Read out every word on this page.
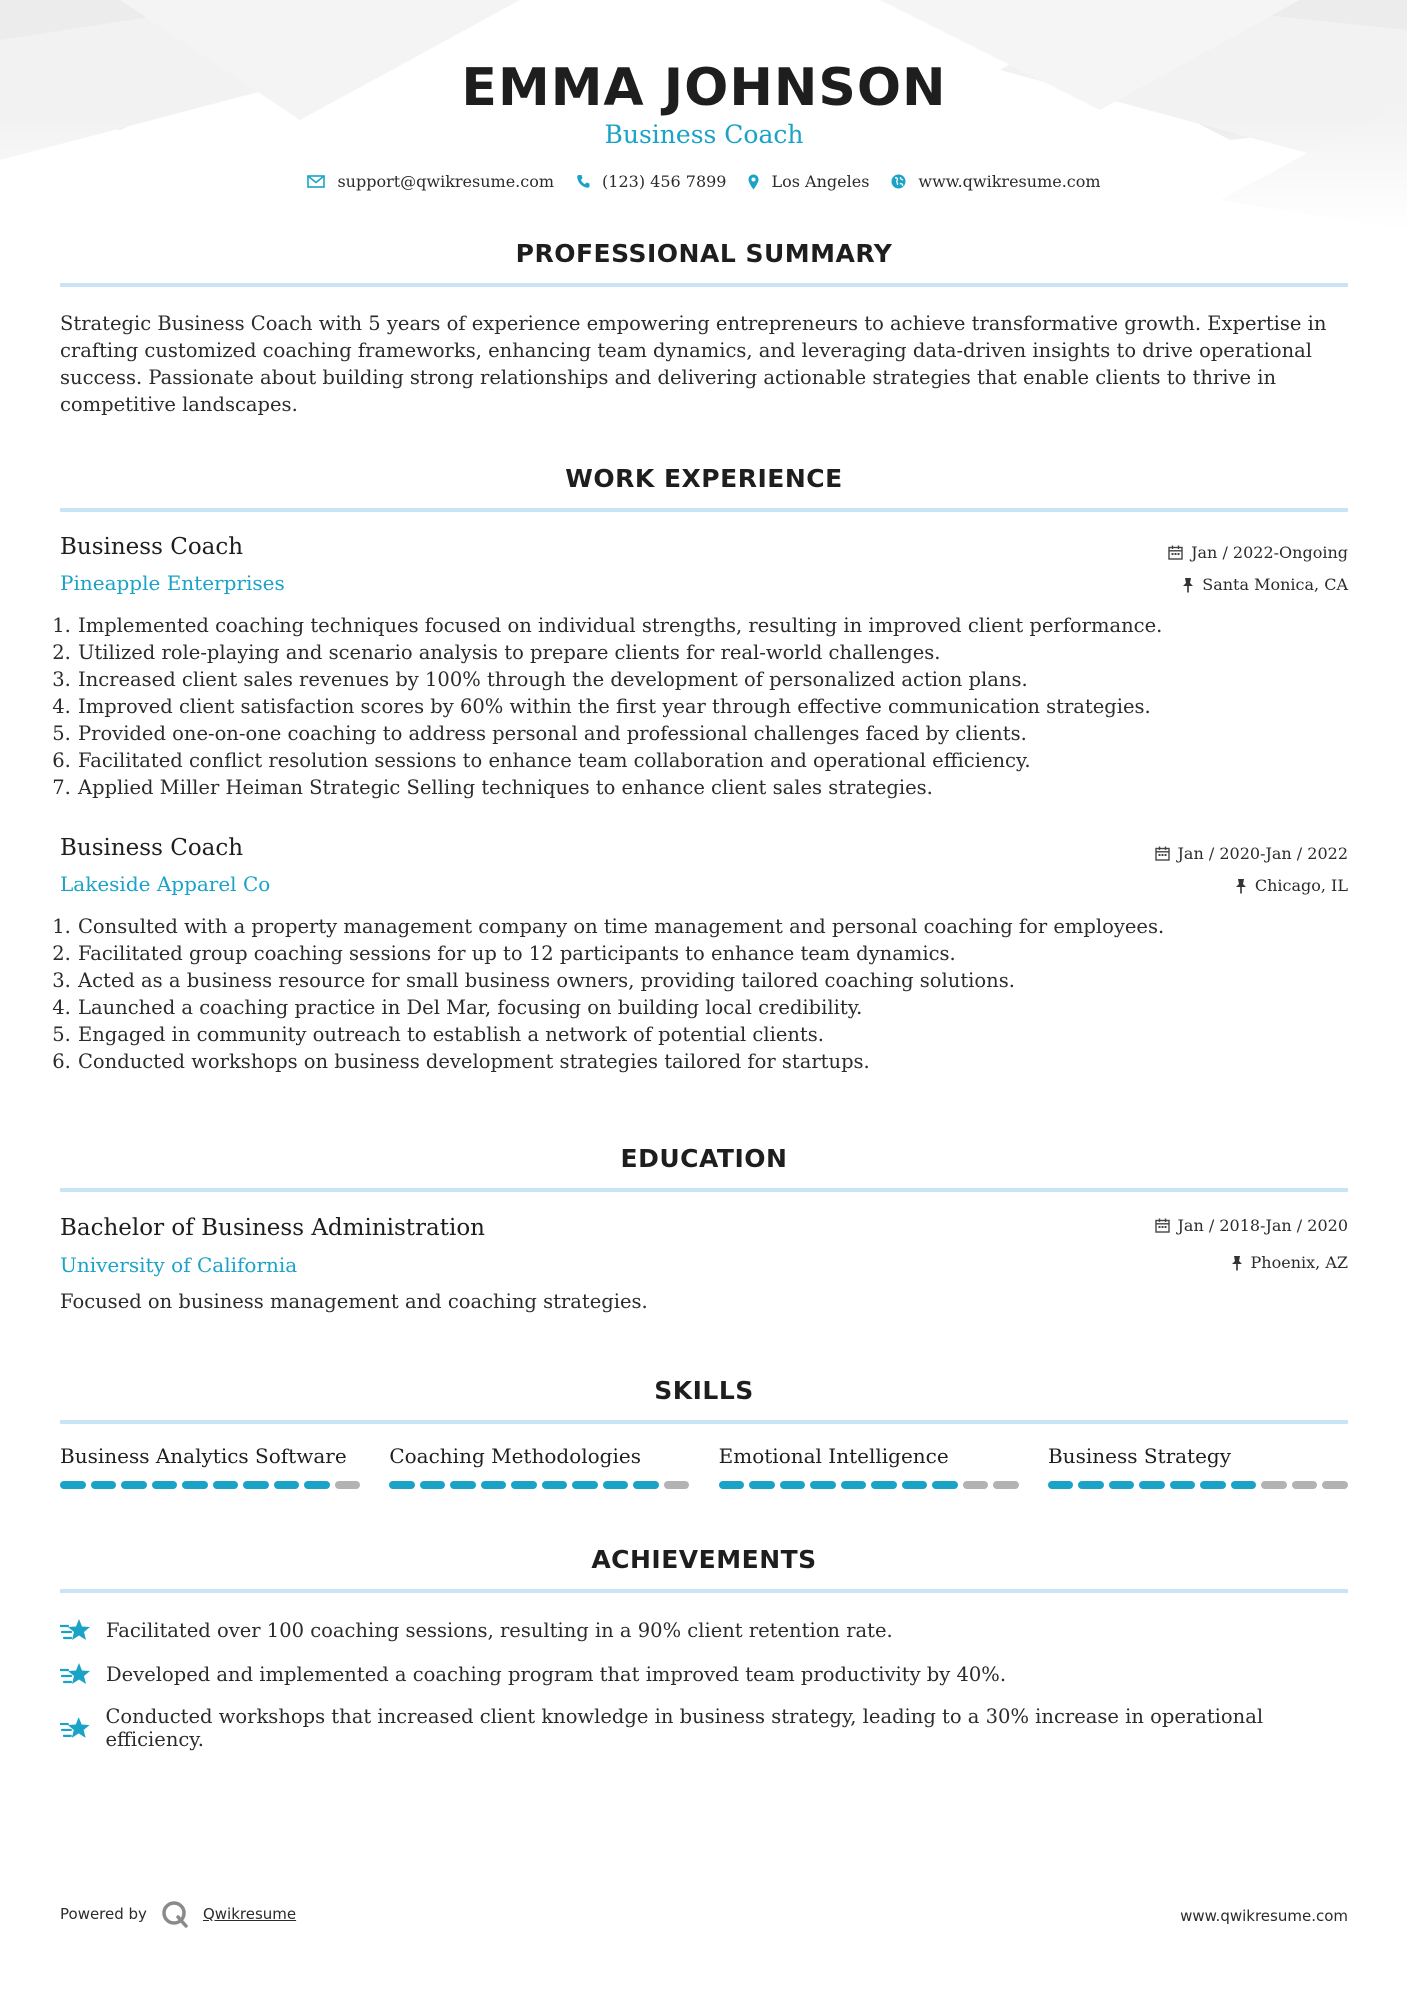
EMMA JOHNSON
Business Coach
support@qwikresume.com	(123) 456 7899	Los Angeles	www.qwikresume.com
PROFESSIONAL SUMMARY
Strategic Business Coach with 5 years of experience empowering entrepreneurs to achieve transformative growth. Expertise in crafting customized coaching frameworks, enhancing team dynamics, and leveraging data-driven insights to drive operational success. Passionate about building strong relationships and delivering actionable strategies that enable clients to thrive in competitive landscapes.
WORK EXPERIENCE
Business Coach
Pineapple Enterprises
Jan / 2022-Ongoing
Santa Monica, CA
1. Implemented coaching techniques focused on individual strengths, resulting in improved client performance.
2. Utilized role-playing and scenario analysis to prepare clients for real-world challenges.
3. Increased client sales revenues by 100% through the development of personalized action plans.
4. Improved client satisfaction scores by 60% within the first year through effective communication strategies.
5. Provided one-on-one coaching to address personal and professional challenges faced by clients.
6. Facilitated conflict resolution sessions to enhance team collaboration and operational efficiency.
7. Applied Miller Heiman Strategic Selling techniques to enhance client sales strategies.
Business Coach
Lakeside Apparel Co
Jan / 2020-Jan / 2022
Chicago, IL
1. Consulted with a property management company on time management and personal coaching for employees.
2. Facilitated group coaching sessions for up to 12 participants to enhance team dynamics.
3. Acted as a business resource for small business owners, providing tailored coaching solutions.
4. Launched a coaching practice in Del Mar, focusing on building local credibility.
5. Engaged in community outreach to establish a network of potential clients.
6. Conducted workshops on business development strategies tailored for startups.
EDUCATION
Bachelor of Business Administration
University of California
Jan / 2018-Jan / 2020
Phoenix, AZ
Focused on business management and coaching strategies.
SKILLS
Business Analytics Software	Coaching Methodologies	Emotional Intelligence	Business Strategy
ACHIEVEMENTS
Facilitated over 100 coaching sessions, resulting in a 90% client retention rate.
Developed and implemented a coaching program that improved team productivity by 40%.
Conducted workshops that increased client knowledge in business strategy, leading to a 30% increase in operational efficiency.
Powered by	Qwikresume	www.qwikresume.com
